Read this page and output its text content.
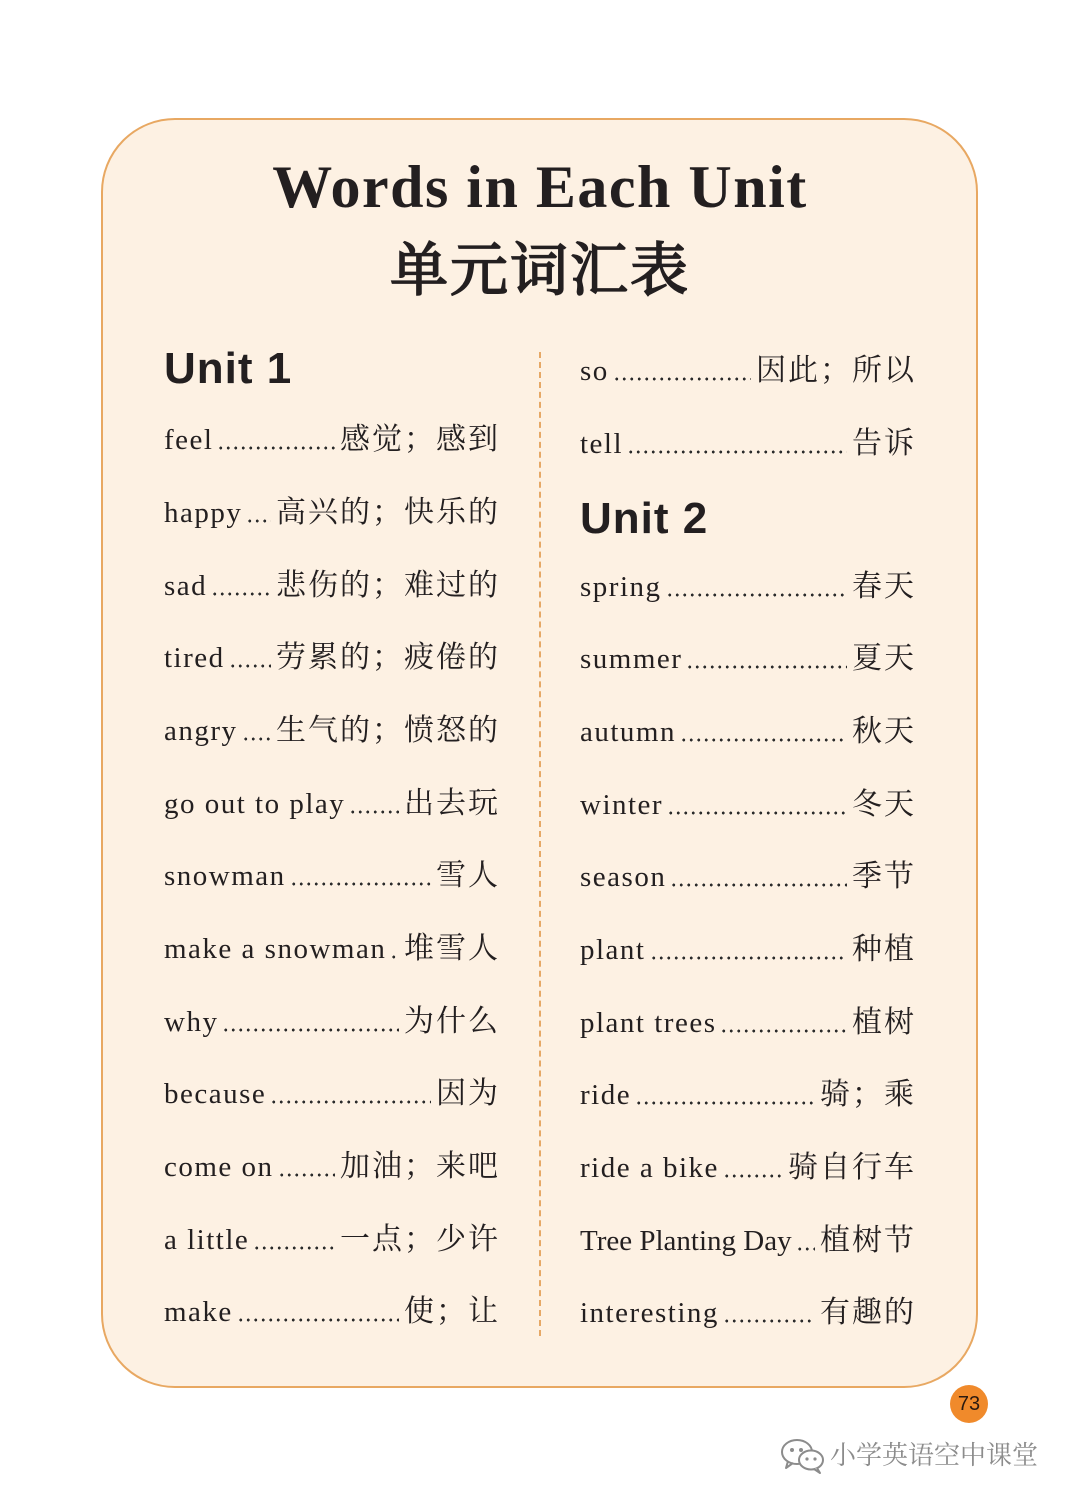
Words in Each Unit
单元词汇表
Unit 1
feel	感觉；感到
happy 高兴的；快乐的
sad 悲伤的；难过的
tired 劳累的；疲倦的
angry 生气的；愤怒的
go out to play 出去玩
snowman	雪人
make a snowman 堆雪人
why	为什么
because	因为
come on 加油；来吧
a little	一点；少许
make	使；让
so	因此；所以
tell	告诉
Unit 2
spring	春天
summer	夏天
autumn	秋天
winter	冬天
season	季节
plant	种植
plant trees	植树
ride	骑；乘
ride a bike 骑自行车
Tree Planting Day 植树节
interesting	有趣的
73
小学英语空中课堂
